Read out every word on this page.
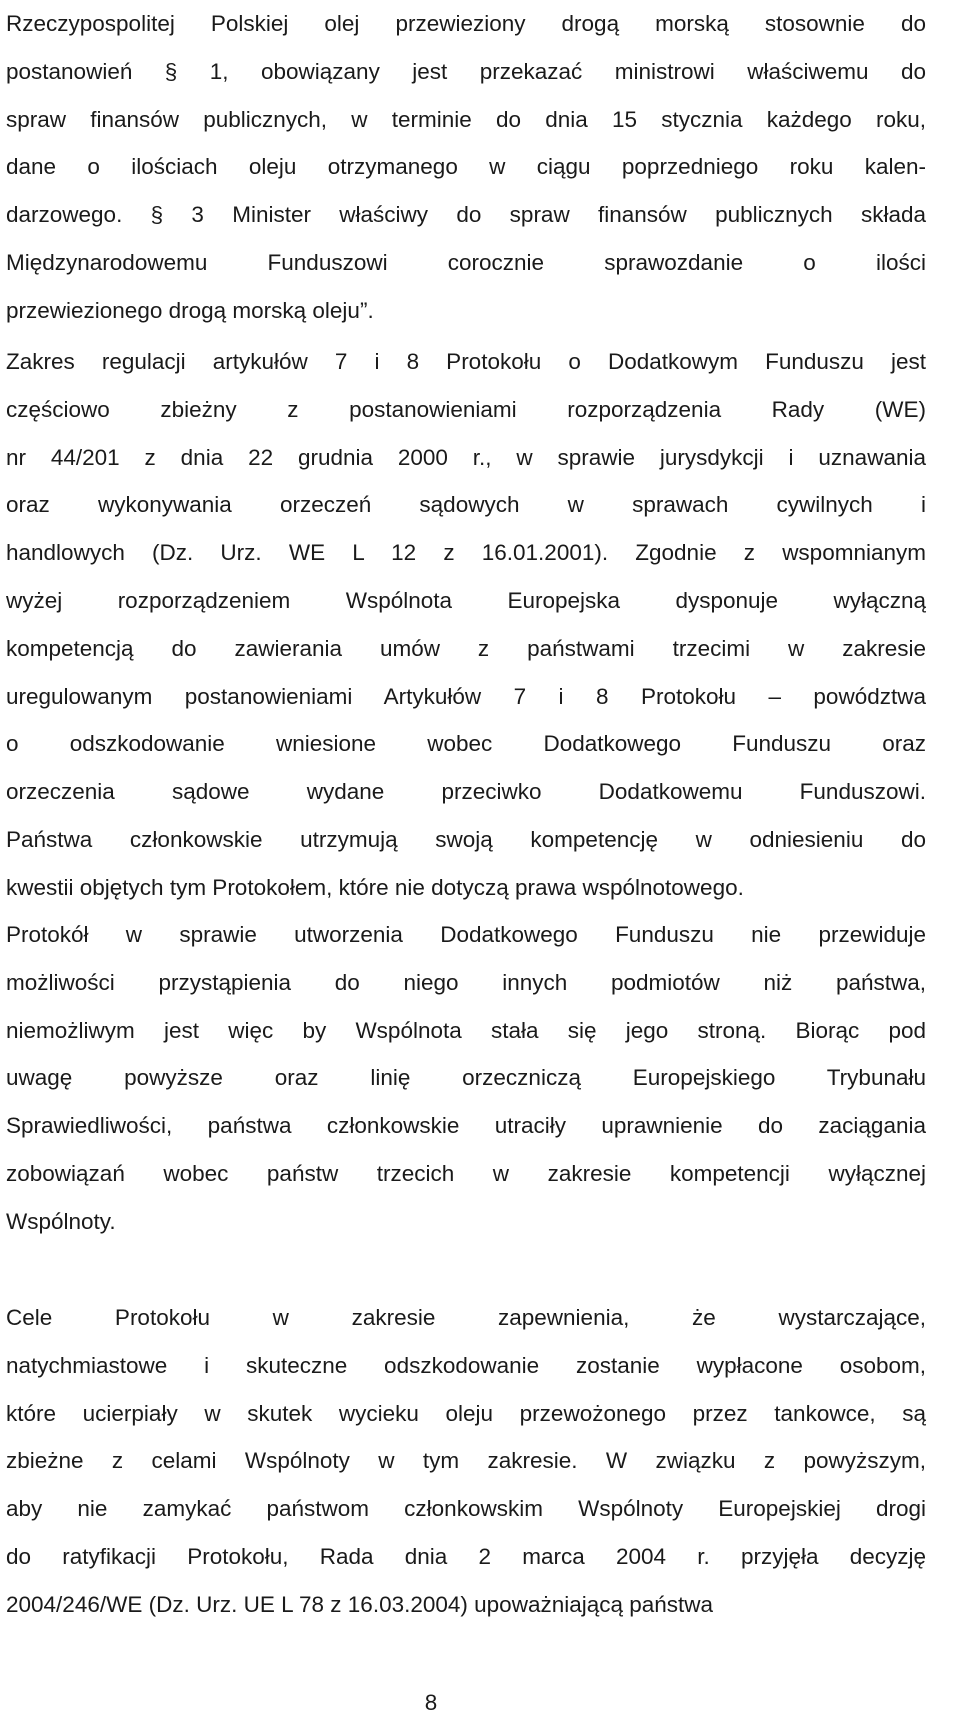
Rzeczypospolitej Polskiej olej przewieziony drogą morską stosownie do
postanowień § 1, obowiązany jest przekazać ministrowi właściwemu do
spraw finansów publicznych, w terminie do dnia 15 stycznia każdego roku,
dane o ilościach oleju otrzymanego w ciągu poprzedniego roku kalen-
darzowego. § 3 Minister właściwy do spraw finansów publicznych składa
Międzynarodowemu Funduszowi corocznie sprawozdanie o ilości
przewiezionego drogą morską oleju”.
Zakres regulacji artykułów 7 i 8 Protokołu o Dodatkowym Funduszu jest
częściowo zbieżny z postanowieniami rozporządzenia Rady (WE)
nr 44/201 z dnia 22 grudnia 2000 r., w sprawie jurysdykcji i uznawania
oraz wykonywania orzeczeń sądowych w sprawach cywilnych i
handlowych (Dz. Urz. WE L 12 z 16.01.2001). Zgodnie z wspomnianym
wyżej rozporządzeniem Wspólnota Europejska dysponuje wyłączną
kompetencją do zawierania umów z państwami trzecimi w zakresie
uregulowanym postanowieniami Artykułów 7 i 8 Protokołu – powództwa
o odszkodowanie wniesione wobec Dodatkowego Funduszu oraz
orzeczenia sądowe wydane przeciwko Dodatkowemu Funduszowi.
Państwa członkowskie utrzymują swoją kompetencję w odniesieniu do
kwestii objętych tym Protokołem, które nie dotyczą prawa wspólnotowego.
Protokół w sprawie utworzenia Dodatkowego Funduszu nie przewiduje
możliwości przystąpienia do niego innych podmiotów niż państwa,
niemożliwym jest więc by Wspólnota stała się jego stroną. Biorąc pod
uwagę powyższe oraz linię orzeczniczą Europejskiego Trybunału
Sprawiedliwości, państwa członkowskie utraciły uprawnienie do zaciągania
zobowiązań wobec państw trzecich w zakresie kompetencji wyłącznej
Wspólnoty.
Cele Protokołu w zakresie zapewnienia, że wystarczające,
natychmiastowe i skuteczne odszkodowanie zostanie wypłacone osobom,
które ucierpiały w skutek wycieku oleju przewożonego przez tankowce, są
zbieżne z celami Wspólnoty w tym zakresie. W związku z powyższym,
aby nie zamykać państwom członkowskim Wspólnoty Europejskiej drogi
do ratyfikacji Protokołu, Rada dnia 2 marca 2004 r. przyjęła decyzję
2004/246/WE (Dz. Urz. UE L 78 z 16.03.2004) upoważniającą państwa
8
